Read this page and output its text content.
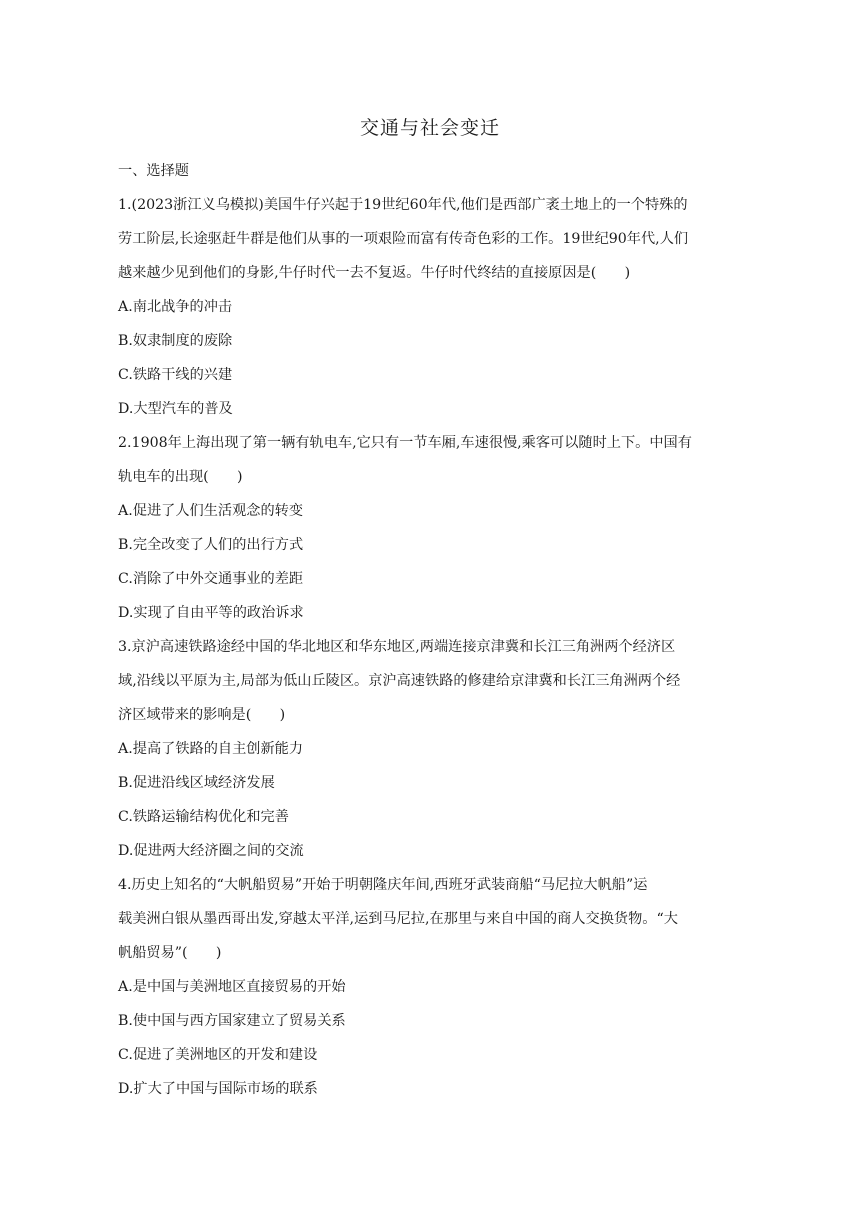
交通与社会变迁
一、选择题
1.(2023浙江义乌模拟)美国牛仔兴起于19世纪60年代,他们是西部广袤土地上的一个特殊的
劳工阶层,长途驱赶牛群是他们从事的一项艰险而富有传奇色彩的工作。19世纪90年代,人们
越来越少见到他们的身影,牛仔时代一去不复返。牛仔时代终结的直接原因是(　　)
A.南北战争的冲击
B.奴隶制度的废除
C.铁路干线的兴建
D.大型汽车的普及
2.1908年上海出现了第一辆有轨电车,它只有一节车厢,车速很慢,乘客可以随时上下。中国有
轨电车的出现(　　)
A.促进了人们生活观念的转变
B.完全改变了人们的出行方式
C.消除了中外交通事业的差距
D.实现了自由平等的政治诉求
3.京沪高速铁路途经中国的华北地区和华东地区,两端连接京津冀和长江三角洲两个经济区
域,沿线以平原为主,局部为低山丘陵区。京沪高速铁路的修建给京津冀和长江三角洲两个经
济区域带来的影响是(　　)
A.提高了铁路的自主创新能力
B.促进沿线区域经济发展
C.铁路运输结构优化和完善
D.促进两大经济圈之间的交流
4.历史上知名的“大帆船贸易”开始于明朝隆庆年间,西班牙武装商船“马尼拉大帆船”运
载美洲白银从墨西哥出发,穿越太平洋,运到马尼拉,在那里与来自中国的商人交换货物。“大
帆船贸易”(　　)
A.是中国与美洲地区直接贸易的开始
B.使中国与西方国家建立了贸易关系
C.促进了美洲地区的开发和建设
D.扩大了中国与国际市场的联系
